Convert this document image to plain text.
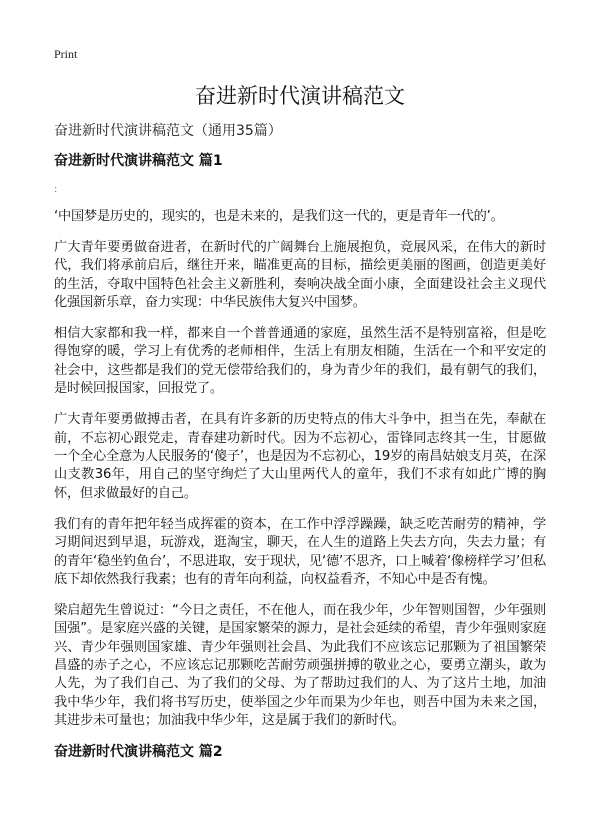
Print
奋进新时代演讲稿范文
奋进新时代演讲稿范文（通用35篇）
奋进新时代演讲稿范文 篇1
:

‘中国梦是历史的，现实的，也是未来的，是我们这一代的，更是青年一代的’。

广大青年要勇做奋进者，在新时代的广阔舞台上施展抱负，竞展风采，在伟大的新时代，我们将承前启后，继往开来，瞄准更高的目标，描绘更美丽的图画，创造更美好的生活，夺取中国特色社会主义新胜利，奏响决战全面小康，全面建设社会主义现代化强国新乐章，奋力实现：中华民族伟大复兴中国梦。

相信大家都和我一样，都来自一个普普通通的家庭，虽然生活不是特别富裕，但是吃得饱穿的暖，学习上有优秀的老师相伴，生活上有朋友相随，生活在一个和平安定的社会中，这些都是我们的党无偿带给我们的，身为青少年的我们，最有朝气的我们，是时候回报国家，回报党了。

广大青年要勇做搏击者，在具有许多新的历史特点的伟大斗争中，担当在先，奉献在前，不忘初心跟党走，青春建功新时代。因为不忘初心，雷锋同志终其一生，甘愿做一个全心全意为人民服务的‘傻子’，也是因为不忘初心，19岁的南昌姑娘支月英，在深山支教36年，用自己的坚守绚烂了大山里两代人的童年，我们不求有如此广博的胸怀，但求做最好的自己。

我们有的青年把年轻当成挥霍的资本，在工作中浮浮躁躁，缺乏吃苦耐劳的精神，学习期间迟到早退，玩游戏，逛淘宝，聊天，在人生的道路上失去方向，失去力量；有的青年‘稳坐钓鱼台’，不思进取，安于现状，见‘德’不思齐，口上喊着‘像榜样学习’但私底下却依然我行我素；也有的青年向利益，向权益看齐，不知心中是否有愧。

梁启超先生曾说过：“今日之责任，不在他人，而在我少年，少年智则国智，少年强则国强”。是家庭兴盛的关键，是国家繁荣的源力，是社会延续的希望，青少年强则家庭兴、青少年强则国家雄、青少年强则社会昌、为此我们不应该忘记那颗为了祖国繁荣昌盛的赤子之心，不应该忘记那颗吃苦耐劳顽强拼搏的敬业之心，要勇立潮头，敢为人先，为了我们自己、为了我们的父母、为了帮助过我们的人、为了这片土地，加油我中华少年，我们将书写历史，使举国之少年而果为少年也，则吾中国为未来之国，其进步未可量也；加油我中华少年，这是属于我们的新时代。

奋进新时代演讲稿范文 篇2
